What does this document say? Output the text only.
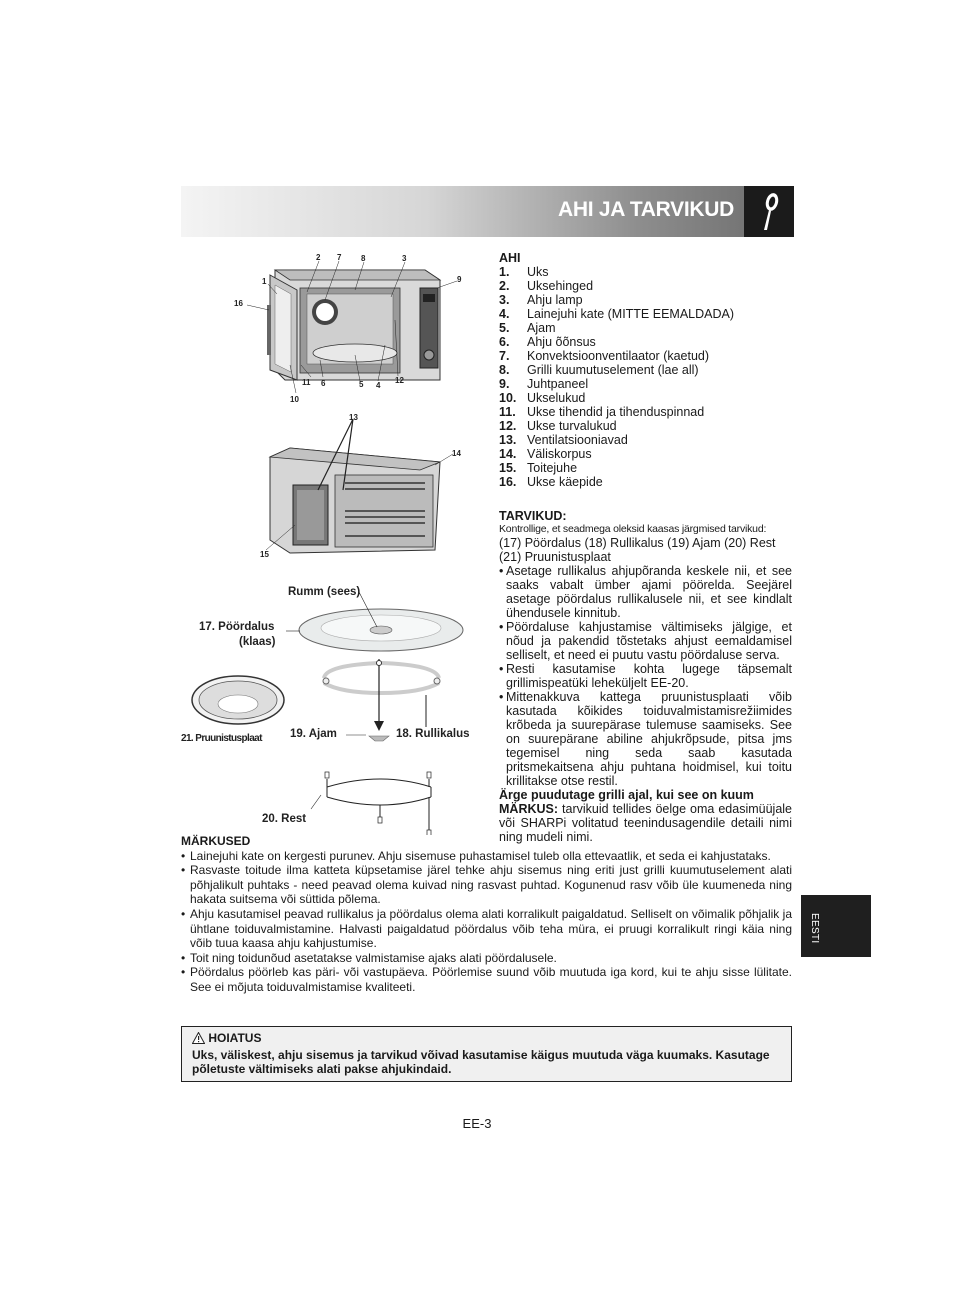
AHI JA TARVIKUD
EESTI
1
2 7 8	3
9
16
11 6	5 4
12
10
13
14
15
Rumm (sees)
17. Pöördalus
(klaas)
21. Pruunistusplaat 19. Ajam	18. Rullikalus
20. Rest
AHI
1. Uks
2. Uksehinged
3. Ahju lamp
4. Lainejuhi kate (MITTE EEMALDADA)
5. Ajam
6. Ahju õõnsus
7. Konvektsioonventilaator (kaetud)
8. Grilli kuumutuselement (lae all)
9. Juhtpaneel
10. Ukselukud
11. Ukse tihendid ja tihenduspinnad
12. Ukse turvalukud
13. Ventilatsiooniavad
14. Väliskorpus
15. Toitejuhe
16. Ukse käepide
TARVIKUD:
Kontrollige, et seadmega oleksid kaasas järgmised tarvikud:
(17) Pöördalus (18) Rullikalus (19) Ajam (20) Rest
(21) Pruunistusplaat
• Asetage rullikalus ahjupõranda keskele nii, et see saaks vabalt ümber ajami pöörelda. Seejärel asetage pöördalus rullikalusele nii, et see kindlalt ühendusele kinnitub.
• Pöördaluse kahjustamise vältimiseks jälgige, et nõud ja pakendid tõstetaks ahjust eemaldamisel selliselt, et need ei puutu vastu pöördaluse serva.
• Resti kasutamise kohta lugege täpsemalt grillimispeatüki leheküljelt EE-20.
• Mittenakkuva kattega pruunistusplaati võib kasutada kõikides toiduvalmistamisrežiimides krõbeda ja suurepärase tulemuse saamiseks. See on suurepärane abiline ahjukrõpsude, pitsa jms tegemisel ning seda saab kasutada pritsmekaitsena ahju puhtana hoidmisel, kui toitu krillitakse otse restil.
Ärge puudutage grilli ajal, kui see on kuum
MÄRKUS: tarvikuid tellides öelge oma edasimüüjale või SHARPi volitatud teenindusagendile detaili nimi ning mudeli nimi.
MÄRKUSED
• Lainejuhi kate on kergesti purunev. Ahju sisemuse puhastamisel tuleb olla ettevaatlik, et seda ei kahjustataks.
• Rasvaste toitude ilma katteta küpsetamise järel tehke ahju sisemus ning eriti just grilli kuumutuselement alati põhjalikult puhtaks - need peavad olema kuivad ning rasvast puhtad. Kogunenud rasv võib üle kuumeneda ning hakata suitsema või süttida põlema.
• Ahju kasutamisel peavad rullikalus ja pöördalus olema alati korralikult paigaldatud. Selliselt on võimalik põhjalik ja ühtlane toiduvalmistamine. Halvasti paigaldatud pöördalus võib teha müra, ei pruugi korralikult ringi käia ning võib tuua kaasa ahju kahjustumise.
• Toit ning toidunõud asetatakse valmistamise ajaks alati pöördalusele.
• Pöördalus pöörleb kas päri- või vastupäeva. Pöörlemise suund võib muutuda iga kord, kui te ahju sisse lülitate. See ei mõjuta toiduvalmistamise kvaliteeti.
HOIATUS
Uks, väliskest, ahju sisemus ja tarvikud võivad kasutamise käigus muutuda väga kuumaks. Kasutage põletuste vältimiseks alati pakse ahjukindaid.
EE-3
